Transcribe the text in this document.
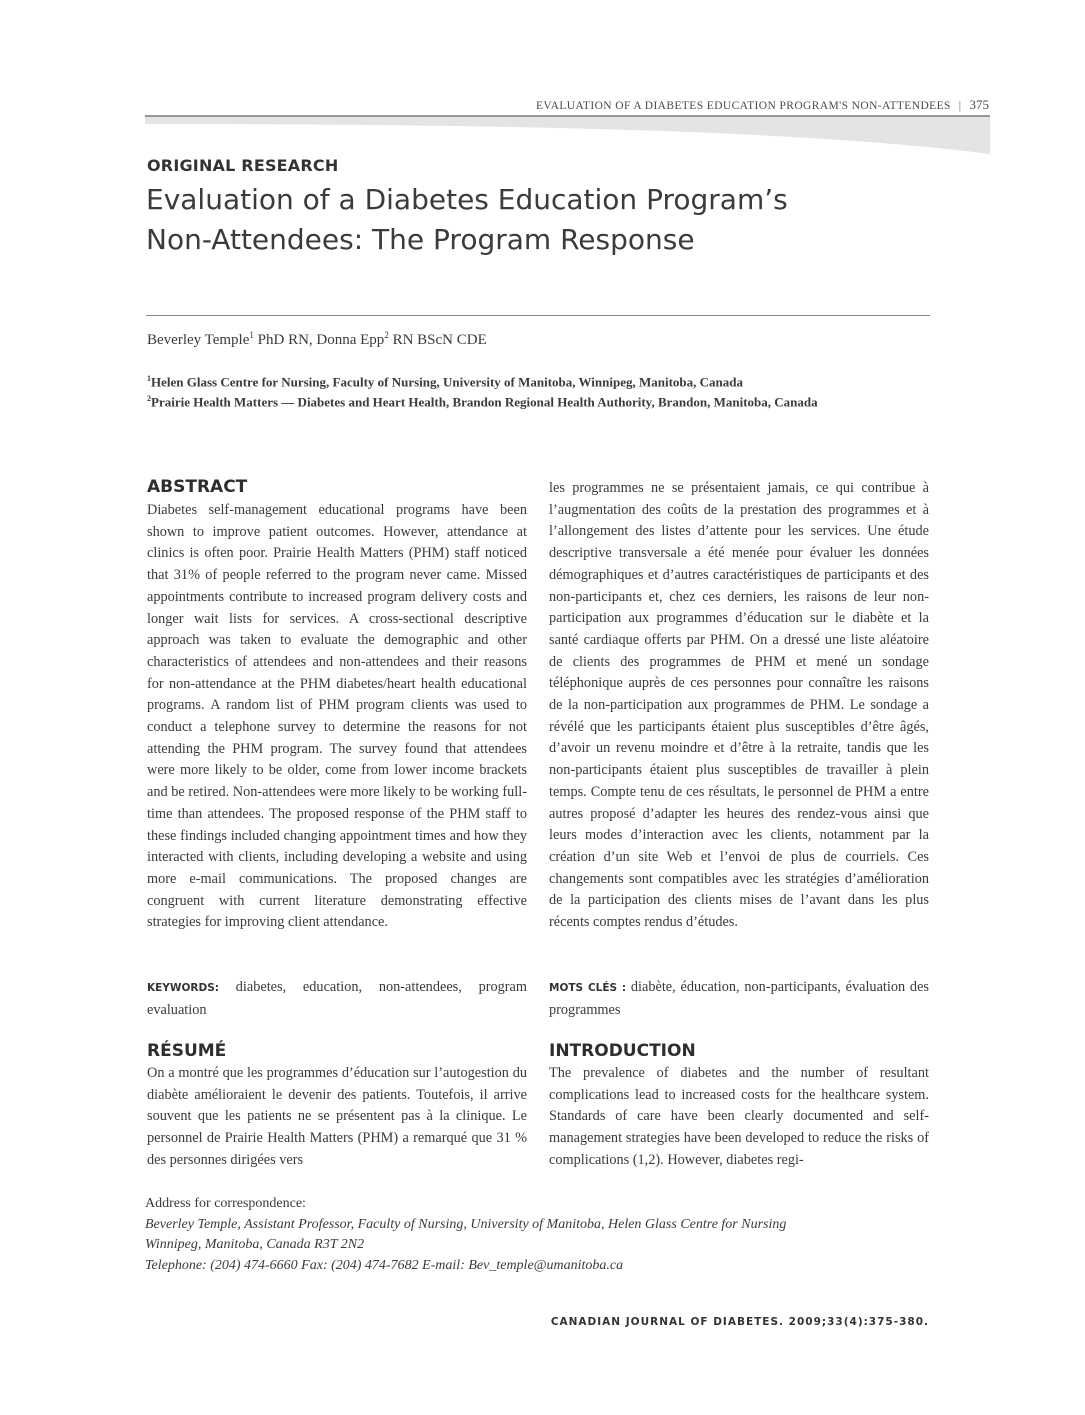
EVALUATION OF A DIABETES EDUCATION PROGRAM'S NON-ATTENDEES | 375
ORIGINAL RESEARCH
Evaluation of a Diabetes Education Program’s
Non-Attendees: The Program Response
Beverley Temple$^1$ PhD RN, Donna Epp$^2$ RN BScN CDE
$^1$Helen Glass Centre for Nursing, Faculty of Nursing, University of Manitoba, Winnipeg, Manitoba, Canada
$^2$Prairie Health Matters — Diabetes and Heart Health, Brandon Regional Health Authority, Brandon, Manitoba, Canada
ABSTRACT

Diabetes self-management educational programs have been shown to improve patient outcomes. However, attendance at clinics is often poor. Prairie Health Matters (PHM) staff noticed that 31% of people referred to the program never came. Missed appointments contribute to increased program delivery costs and longer wait lists for services. A cross-sectional descriptive approach was taken to evaluate the demographic and other characteristics of attendees and non-attendees and their reasons for non-attendance at the PHM diabetes/heart health educational programs. A random list of PHM program clients was used to conduct a telephone survey to determine the reasons for not attending the PHM program. The survey found that attendees were more likely to be older, come from lower income brackets and be retired. Non-attendees were more likely to be working full-time than attendees. The proposed response of the PHM staff to these findings included changing appointment times and how they interacted with clients, including developing a website and using more e-mail communications. The proposed changes are congruent with current literature demonstrating effective strategies for improving client attendance.

KEYWORDS: diabetes, education, non-attendees, program evaluation

RÉSUMÉ

On a montré que les programmes d’éducation sur l’autogestion du diabète amélioraient le devenir des patients. Toutefois, il arrive souvent que les patients ne se présentent pas à la clinique. Le personnel de Prairie Health Matters (PHM) a remarqué que 31 % des personnes dirigées vers

les programmes ne se présentaient jamais, ce qui contribue à l’augmentation des coûts de la prestation des programmes et à l’allongement des listes d’attente pour les services. Une étude descriptive transversale a été menée pour évaluer les données démographiques et d’autres caractéristiques de participants et des non-participants et, chez ces derniers, les raisons de leur non-participation aux programmes d’éducation sur le diabète et la santé cardiaque offerts par PHM. On a dressé une liste aléatoire de clients des programmes de PHM et mené un sondage téléphonique auprès de ces personnes pour connaître les raisons de la non-participation aux programmes de PHM. Le sondage a révélé que les participants étaient plus susceptibles d’être âgés, d’avoir un revenu moindre et d’être à la retraite, tandis que les non-participants étaient plus susceptibles de travailler à plein temps. Compte tenu de ces résultats, le personnel de PHM a entre autres proposé d’adapter les heures des rendez-vous ainsi que leurs modes d’interaction avec les clients, notamment par la création d’un site Web et l’envoi de plus de courriels. Ces changements sont compatibles avec les stratégies d’amélioration de la participation des clients mises de l’avant dans les plus récents comptes rendus d’études.

MOTS CLÉS : diabète, éducation, non-participants, évaluation des programmes

INTRODUCTION

The prevalence of diabetes and the number of resultant complications lead to increased costs for the healthcare system. Standards of care have been clearly documented and self-management strategies have been developed to reduce the risks of complications (1,2). However, diabetes regi-

Address for correspondence:
Beverley Temple, Assistant Professor, Faculty of Nursing, University of Manitoba, Helen Glass Centre for Nursing
Winnipeg, Manitoba, Canada R3T 2N2
Telephone: (204) 474-6660 Fax: (204) 474-7682 E-mail: Bev_temple@umanitoba.ca
CANADIAN JOURNAL OF DIABETES. 2009;33(4):375-380.
